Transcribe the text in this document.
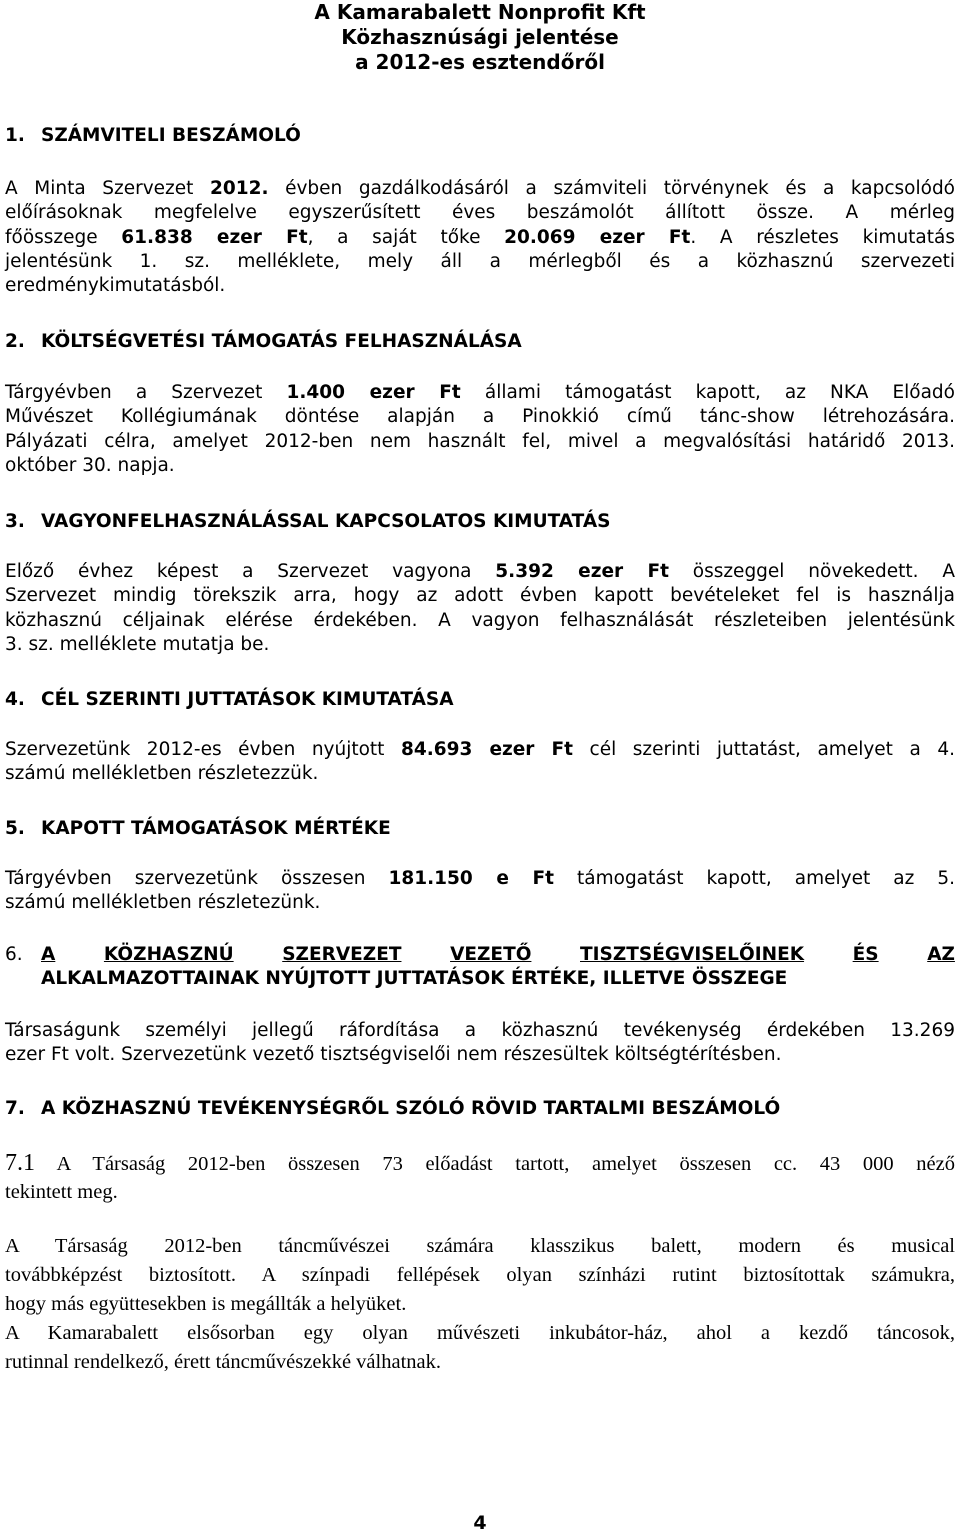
A Kamarabalett Nonprofit Kft
Közhasznúsági jelentése
a 2012-es esztendőről
1. SZÁMVITELI BESZÁMOLÓ
A Minta Szervezet 2012. évben gazdálkodásáról a számviteli törvénynek és a kapcsolódó
előírásoknak megfelelve egyszerűsített éves beszámolót állított össze. A mérleg
főösszege 61.838 ezer Ft, a saját tőke 20.069 ezer Ft. A részletes kimutatás
jelentésünk 1. sz. melléklete, mely áll a mérlegből és a közhasznú szervezeti
eredménykimutatásból.
2. KÖLTSÉGVETÉSI TÁMOGATÁS FELHASZNÁLÁSA
Tárgyévben a Szervezet 1.400 ezer Ft állami támogatást kapott, az NKA Előadó
Művészet Kollégiumának döntése alapján a Pinokkió című tánc-show létrehozására.
Pályázati célra, amelyet 2012-ben nem használt fel, mivel a megvalósítási határidő 2013.
október 30. napja.
3. VAGYONFELHASZNÁLÁSSAL KAPCSOLATOS KIMUTATÁS
Előző évhez képest a Szervezet vagyona 5.392 ezer Ft összeggel növekedett. A
Szervezet mindig törekszik arra, hogy az adott évben kapott bevételeket fel is használja
közhasznú céljainak elérése érdekében. A vagyon felhasználását részleteiben jelentésünk
3. sz. melléklete mutatja be.
4. CÉL SZERINTI JUTTATÁSOK KIMUTATÁSA
Szervezetünk 2012-es évben nyújtott 84.693 ezer Ft cél szerinti juttatást, amelyet a 4.
számú mellékletben részletezzük.
5. KAPOTT TÁMOGATÁSOK MÉRTÉKE
Tárgyévben szervezetünk összesen 181.150 e Ft támogatást kapott, amelyet az 5.
számú mellékletben részletezünk.
6. A	KÖZHASZNÚ	SZERVEZET	VEZETŐ	TISZTSÉGVISELŐINEK	ÉS	AZ
ALKALMAZOTTAINAK NYÚJTOTT JUTTATÁSOK ÉRTÉKE, ILLETVE ÖSSZEGE
Társaságunk személyi jellegű ráfordítása a közhasznú tevékenység érdekében 13.269
ezer Ft volt. Szervezetünk vezető tisztségviselői nem részesültek költségtérítésben.
7. A KÖZHASZNÚ TEVÉKENYSÉGRŐL SZÓLÓ RÖVID TARTALMI BESZÁMOLÓ
7.1 A Társaság 2012-ben összesen 73 előadást tartott, amelyet összesen cc. 43 000 néző
tekintett meg.
A Társaság 2012-ben táncművészei számára klasszikus balett, modern és musical
továbbképzést biztosított. A színpadi fellépések olyan színházi rutint biztosítottak számukra,
hogy más együttesekben is megállták a helyüket.
A Kamarabalett elsősorban egy olyan művészeti inkubátor-ház, ahol a kezdő táncosok,
rutinnal rendelkező, érett táncművészekké válhatnak.
4
